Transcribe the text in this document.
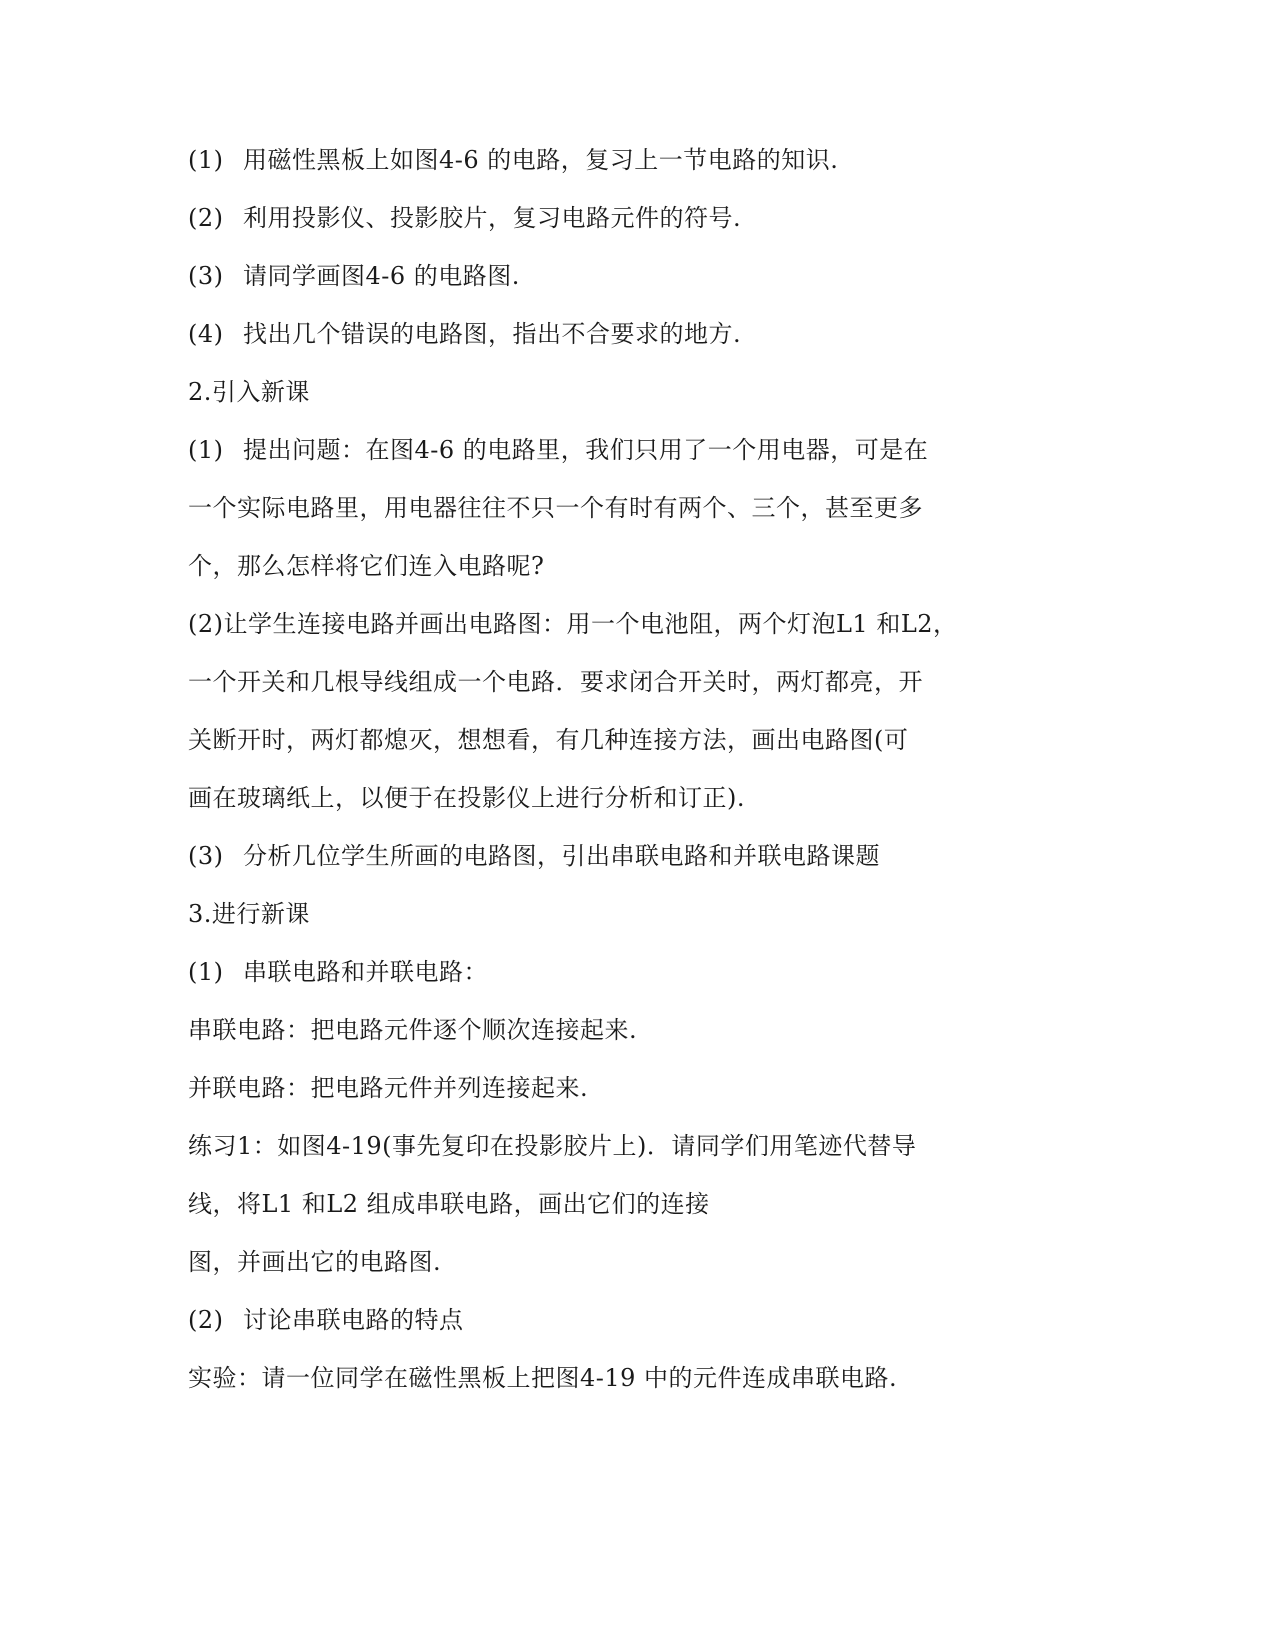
(1) 用磁性黑板上如图4-6 的电路，复习上一节电路的知识.
(2) 利用投影仪、投影胶片，复习电路元件的符号.
(3) 请同学画图4-6 的电路图.
(4) 找出几个错误的电路图，指出不合要求的地方.
2.引入新课
(1) 提出问题：在图4-6 的电路里，我们只用了一个用电器，可是在
一个实际电路里，用电器往往不只一个有时有两个、三个，甚至更多
个，那么怎样将它们连入电路呢?
(2)让学生连接电路并画出电路图：用一个电池阻，两个灯泡L1 和L2，
一个开关和几根导线组成一个电路．要求闭合开关时，两灯都亮，开
关断开时，两灯都熄灭，想想看，有几种连接方法，画出电路图(可
画在玻璃纸上，以便于在投影仪上进行分析和订正).
(3) 分析几位学生所画的电路图，引出串联电路和并联电路课题
3.进行新课
(1) 串联电路和并联电路：
串联电路：把电路元件逐个顺次连接起来.
并联电路：把电路元件并列连接起来.
练习1：如图4-19(事先复印在投影胶片上)．请同学们用笔迹代替导
线，将L1 和L2 组成串联电路，画出它们的连接
图，并画出它的电路图.
(2) 讨论串联电路的特点
实验：请一位同学在磁性黑板上把图4-19 中的元件连成串联电路.
